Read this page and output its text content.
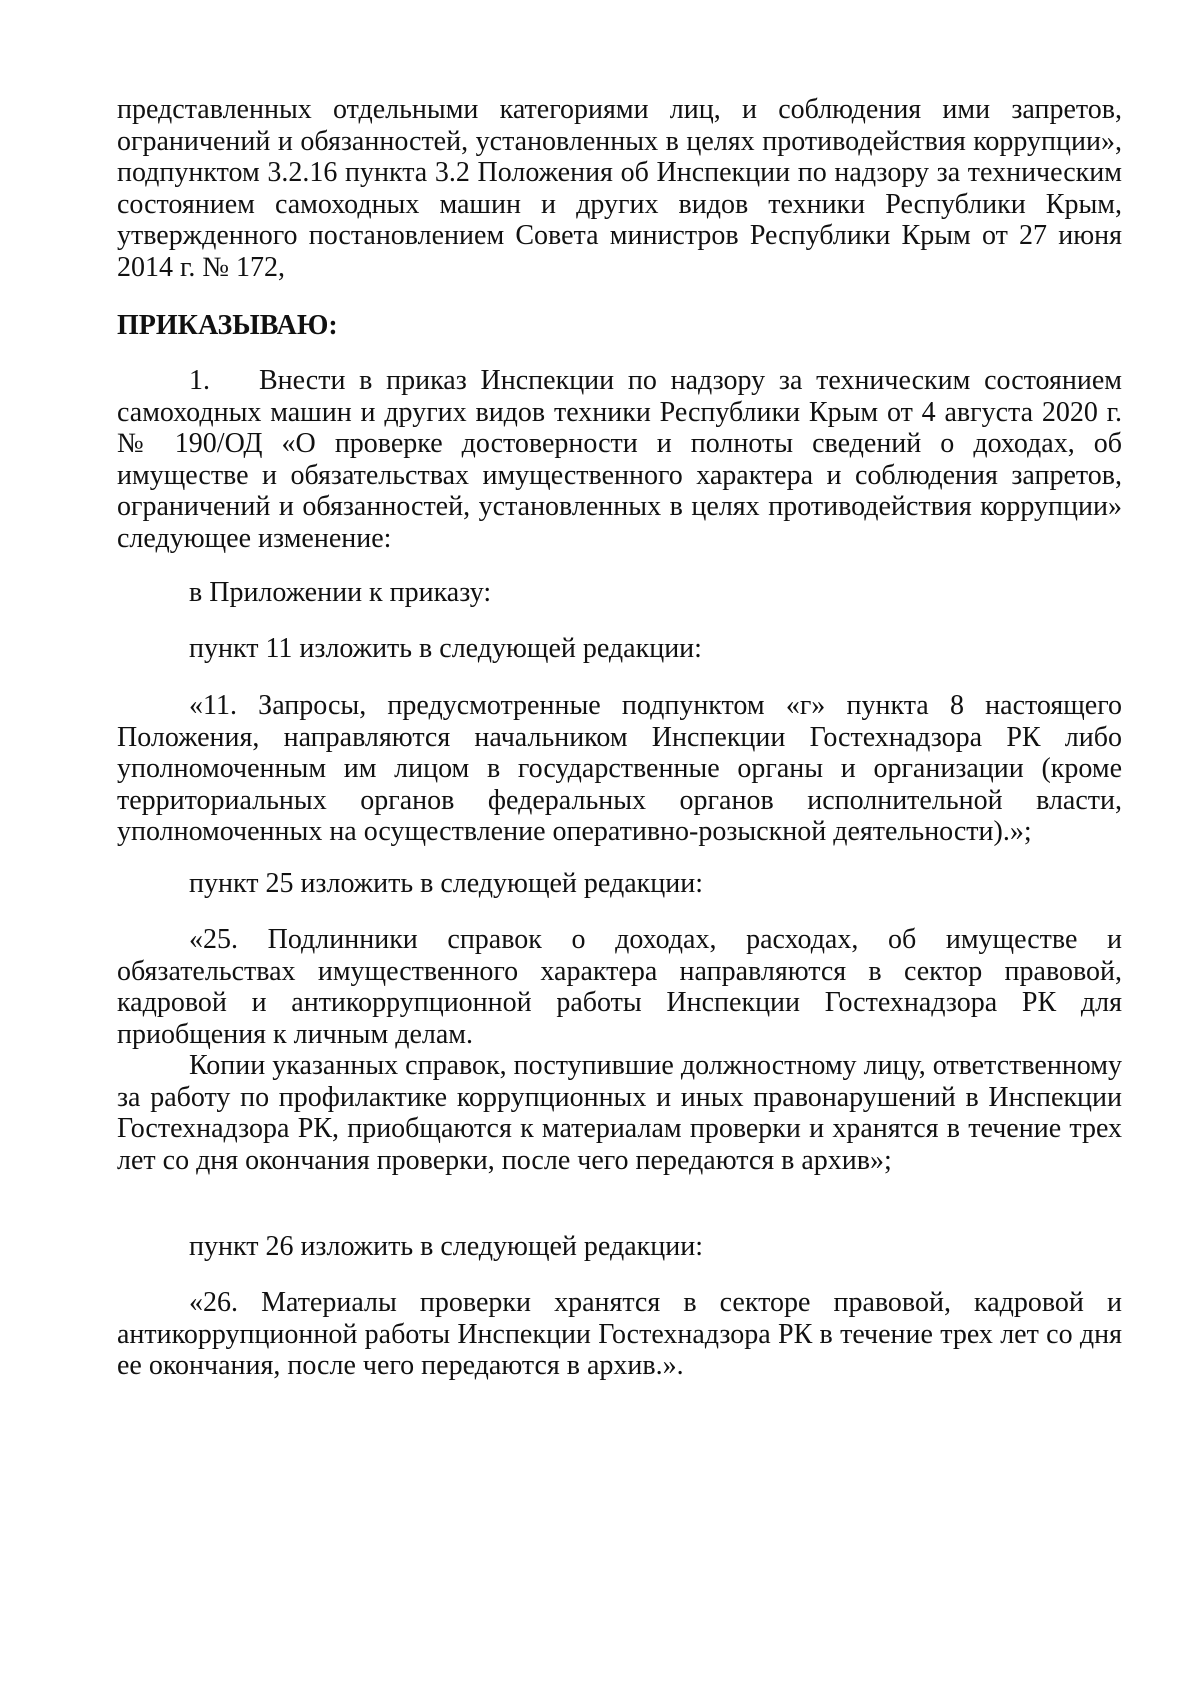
представленных отдельными категориями лиц, и соблюдения ими запретов, ограничений и обязанностей, установленных в целях противодействия коррупции», подпунктом 3.2.16 пункта 3.2 Положения об Инспекции по надзору за техническим состоянием самоходных машин и других видов техники Республики Крым, утвержденного постановлением Совета министров Республики Крым от 27 июня 2014 г. № 172,

ПРИКАЗЫВАЮ:

1. Внести в приказ Инспекции по надзору за техническим состоянием самоходных машин и других видов техники Республики Крым от 4 августа 2020 г. № 190/ОД «О проверке достоверности и полноты сведений о доходах, об имуществе и обязательствах имущественного характера и соблюдения запретов, ограничений и обязанностей, установленных в целях противодействия коррупции» следующее изменение:

в Приложении к приказу:

пункт 11 изложить в следующей редакции:

«11. Запросы, предусмотренные подпунктом «г» пункта 8 настоящего Положения, направляются начальником Инспекции Гостехнадзора РК либо уполномоченным им лицом в государственные органы и организации (кроме территориальных органов федеральных органов исполнительной власти, уполномоченных на осуществление оперативно-розыскной деятельности).»;

пункт 25 изложить в следующей редакции:

«25. Подлинники справок о доходах, расходах, об имуществе и обязательствах имущественного характера направляются в сектор правовой, кадровой и антикоррупционной работы Инспекции Гостехнадзора РК для приобщения к личным делам.

Копии указанных справок, поступившие должностному лицу, ответственному за работу по профилактике коррупционных и иных правонарушений в Инспекции Гостехнадзора РК, приобщаются к материалам проверки и хранятся в течение трех лет со дня окончания проверки, после чего передаются в архив»;

пункт 26 изложить в следующей редакции:

«26. Материалы проверки хранятся в секторе правовой, кадровой и антикоррупционной работы Инспекции Гостехнадзора РК в течение трех лет со дня ее окончания, после чего передаются в архив.».
